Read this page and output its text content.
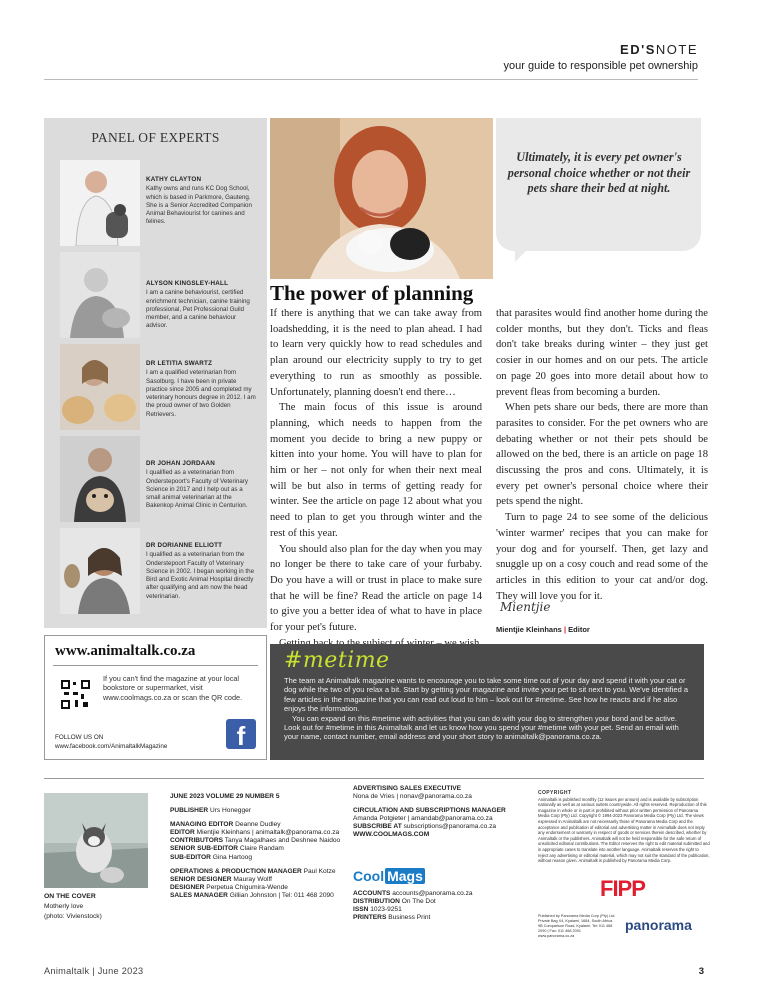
ED'SNOTE
your guide to responsible pet ownership
PANEL OF EXPERTS
KATHY CLAYTON
Kathy owns and runs KC Dog School, which is based in Parkmore, Gauteng. She is a Senior Accredited Companion Animal Behaviourist for canines and felines.
ALYSON KINGSLEY-HALL
I am a canine behaviourist, certified enrichment technician, canine training professional, Pet Professional Guild member, and a canine behaviour advisor.
DR LETITIA SWARTZ
I am a qualified veterinarian from Sasolburg. I have been in private practice since 2005 and completed my veterinary honours degree in 2012. I am the proud owner of two Golden Retrievers.
DR JOHAN JORDAAN
I qualified as a veterinarian from Onderstepoort's Faculty of Veterinary Science in 2017 and I help out as a small animal veterinarian at the Bakenkop Animal Clinic in Centurion.
DR DORIANNE ELLIOTT
I qualified as a veterinarian from the Onderstepoort Faculty of Veterinary Science in 2002. I began working in the Bird and Exotic Animal Hospital directly after qualifying and am now the head veterinarian.
Ultimately, it is every pet owner's personal choice whether or not their pets share their bed at night.
The power of planning

If there is anything that we can take away from loadshedding, it is the need to plan ahead. I had to learn very quickly how to read schedules and plan around our electricity supply to try to get everything to run as smoothly as possible. Unfortunately, planning doesn't end there…

The main focus of this issue is around planning, which needs to happen from the moment you decide to bring a new puppy or kitten into your home. You will have to plan for him or her – not only for when their next meal will be but also in terms of getting ready for winter. See the article on page 12 about what you need to plan to get you through winter and the rest of this year.

You should also plan for the day when you may no longer be there to take care of your furbaby. Do you have a will or trust in place to make sure that he will be fine? Read the article on page 14 to give you a better idea of what to have in place for your pet's future.

that parasites would find another home during the colder months, but they don't. Ticks and fleas don't take breaks during winter – they just get cosier in our homes and on our pets. The article on page 20 goes into more detail about how to prevent fleas from becoming a burden.

When pets share our beds, there are more than parasites to consider. For the pet owners who are debating whether or not their pets should be allowed on the bed, there is an article on page 18 discussing the pros and cons. Ultimately, it is every pet owner's personal choice where their pets spend the night.

Turn to page 24 to see some of the delicious 'winter warmer' recipes that you can make for your dog and for yourself. Then, get lazy and snuggle up on a cosy couch and read some of the articles in this edition to your cat and/or dog. They will love you for it.

Mientjie
Mientjie Kleinhans | Editor
www.animaltalk.co.za
If you can't find the magazine at your local bookstore or supermarket, visit www.coolmags.co.za or scan the QR code.
FOLLOW US ON
www.facebook.com/AnimaltalkMagazine	f
#metime

The team at Animaltalk magazine wants to encourage you to take some time out of your day and spend it with your cat or dog while the two of you relax a bit. Start by getting your magazine and invite your pet to sit next to you. We've identified a few articles in the magazine that you can read out loud to him – look out for #metime. See how he reacts and if he also enjoys the information.

You can expand on this #metime with activities that you can do with your dog to strengthen your bond and be active. Look out for #metime in this Animaltalk and let us know how you spend your #metime with your pet. Send an email with your name, contact number, email address and your short story to animaltalk@panorama.co.za.

ON THE COVER
Motherly love
(photo: Vivienstock)
JUNE 2023 VOLUME 29 NUMBER 5
PUBLISHER Urs Honegger
MANAGING EDITOR Deanne Dudley
EDITOR Mientjie Kleinhans | animaltalk@panorama.co.za
CONTRIBUTORS Tanya Magalhaes and Deshnee Naidoo
SENIOR SUB-EDITOR Claire Randam
SUB-EDITOR Gina Hartoog
OPERATIONS & PRODUCTION MANAGER Paul Kotze
SENIOR DESIGNER Mauray Wolff
DESIGNER Perpetua Chigumira-Wende
SALES MANAGER Gillian Johnston | Tel: 011 468 2090
ADVERTISING SALES EXECUTIVE
Nona de Vries | nonav@panorama.co.za
CIRCULATION AND SUBSCRIPTIONS MANAGER
Amanda Potgieter | amandab@panorama.co.za
SUBSCRIBE AT subscriptions@panorama.co.za
WWW.COOLMAGS.COM
Cool Mags
ACCOUNTS accounts@panorama.co.za
DISTRIBUTION On The Dot
ISSN 1023-9251
PRINTERS Business Print
COPYRIGHT
Animaltalk is published monthly (12 issues per annum) and is available by subscription nationally as well as at various outlets countrywide. All rights reserved. Reproduction of this magazine in whole or in part is prohibited without prior written permission of Panorama Media Corp (Pty) Ltd. Copyright © 1994-2023 Panorama Media Corp (Pty) Ltd. The views expressed in Animaltalk are not necessarily those of Panorama Media Corp and the acceptance and publication of editorial and advertising matter in Animaltalk does not imply any endorsement or warranty in respect of goods or services therein described, whether by Animaltalk or the publishers. Animaltalk will not be held responsible for the safe return of unsolicited editorial contributions. The Editor reserves the right to edit material submitted and in appropriate cases to translate into another language. Animaltalk reserves the right to reject any advertising or editorial material, which may not suit the standard of the publication, without reason given. Animaltalk is published by Panorama Media Corp.
FIPP
Published by Panorama Media Corp (Pty) Ltd. Private Bag X4, Kyalami, 1684, South Africa. 9B Comparison Road, Kyalami. Tel: 011 468 2090 | Fax: 011 468 2091 www.panorama.co.za
panorama
Animaltalk | June 2023	3
